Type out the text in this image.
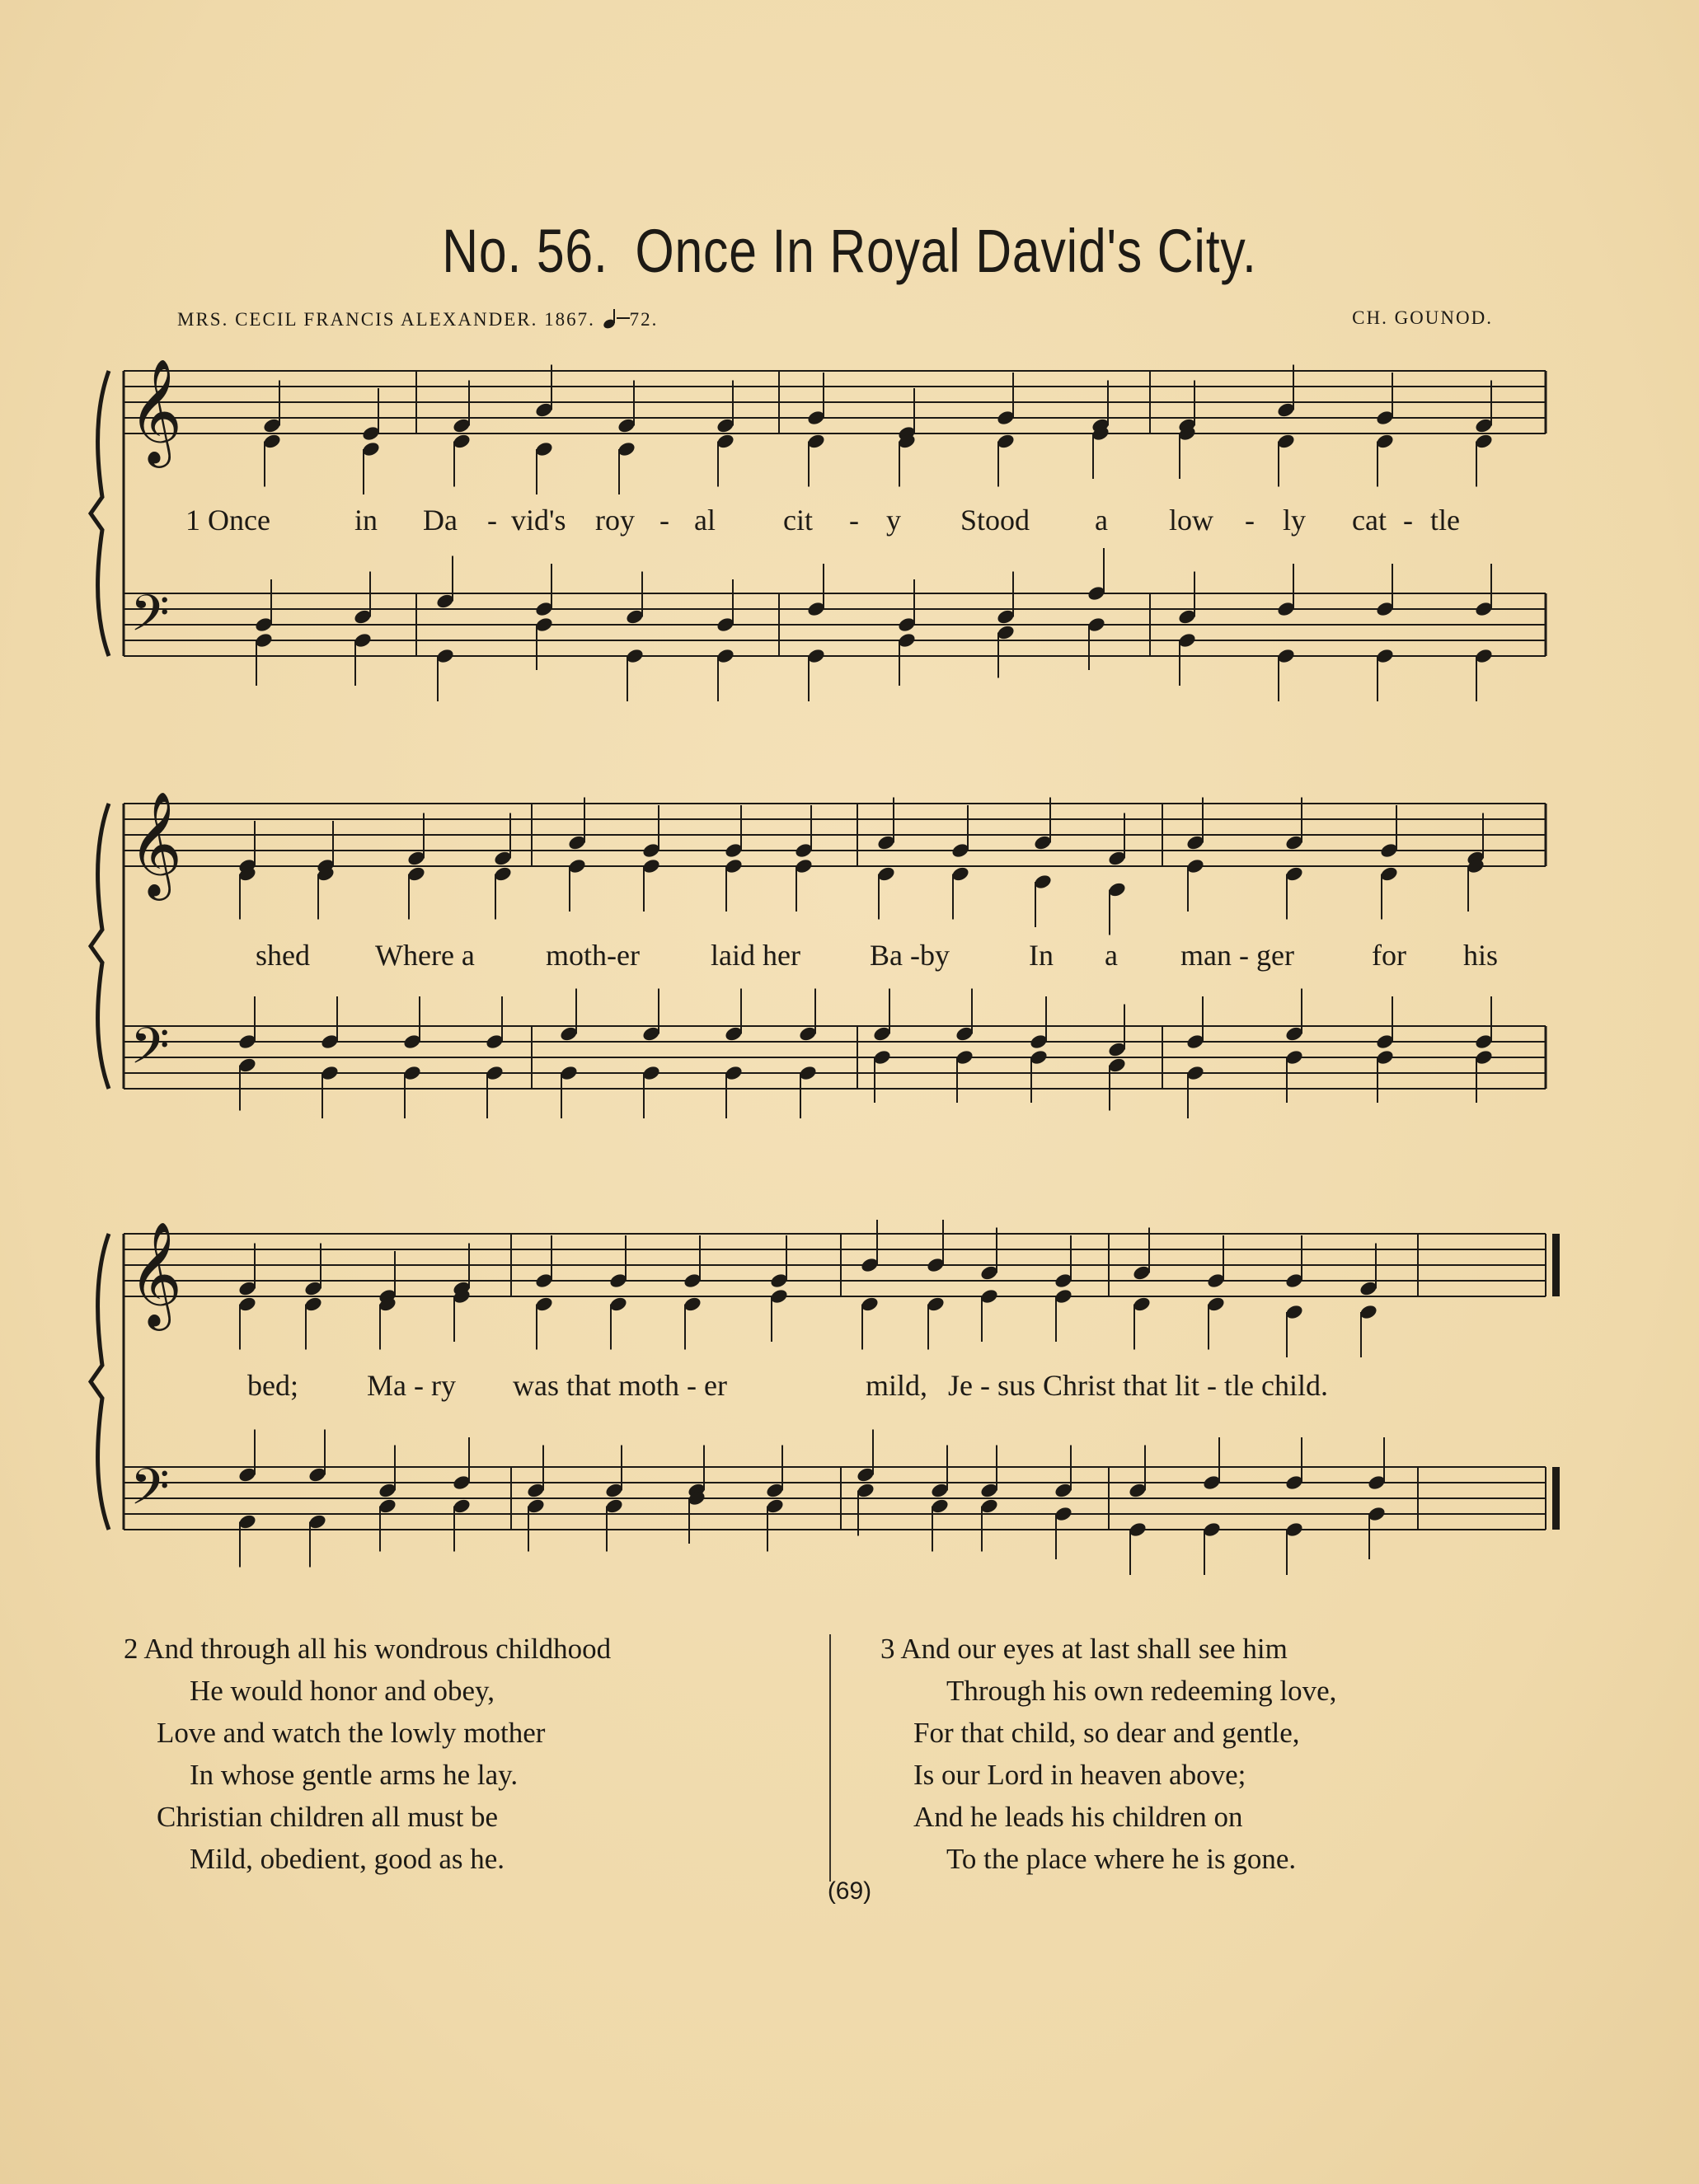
No. 56. Once In Royal David's City.
MRS. CECIL FRANCIS ALEXANDER. 1867. 72.	CH. GOUNOD.
𝄞
𝄢
1 Once	in Da - vid's roy - al cit - y Stood a low - ly cat - tle
𝄞
𝄢
shed Where a moth-er laid her Ba -by	In a man - ger	for his
𝄞
𝄢
bed; Ma - ry was that moth - er	mild, Je - sus Christ that lit - tle child.
2 And through all his wondrous childhood
He would honor and obey,
Love and watch the lowly mother
In whose gentle arms he lay.
Christian children all must be
Mild, obedient, good as he.
3 And our eyes at last shall see him
Through his own redeeming love,
For that child, so dear and gentle,
Is our Lord in heaven above;
And he leads his children on
To the place where he is gone.
(69)
